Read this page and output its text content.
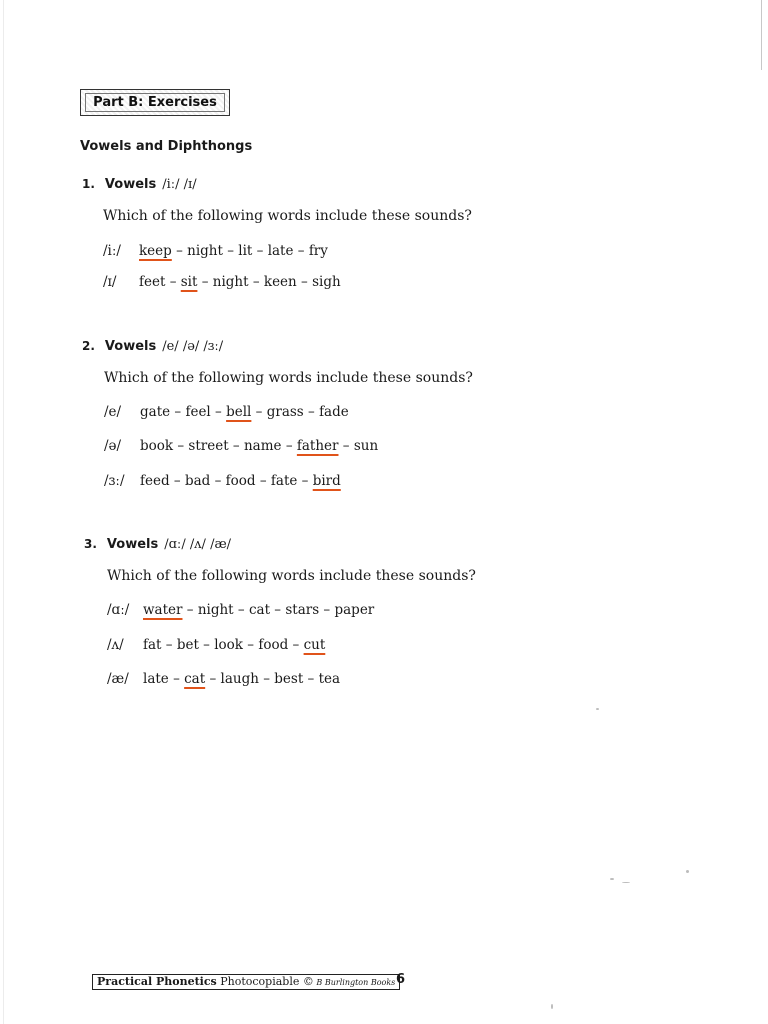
Part B: Exercises
Vowels and Diphthongs
1. Vowels /iː/ /ɪ/
Which of the following words include these sounds?
/iː/ keep – night – lit – late – fry
/ɪ/ feet – sit – night – keen – sigh
2. Vowels /e/ /ə/ /ɜː/
Which of the following words include these sounds?
/e/ gate – feel – bell – grass – fade
/ə/ book – street – name – father – sun
/ɜː/ feed – bad – food – fate – bird
3. Vowels /ɑː/ /ʌ/ /æ/
Which of the following words include these sounds?
/ɑː/ water – night – cat – stars – paper
/ʌ/ fat – bet – look – food – cut
/æ/ late – cat – laugh – best – tea
Practical Phonetics Photocopiable © B Burlington Books 6
